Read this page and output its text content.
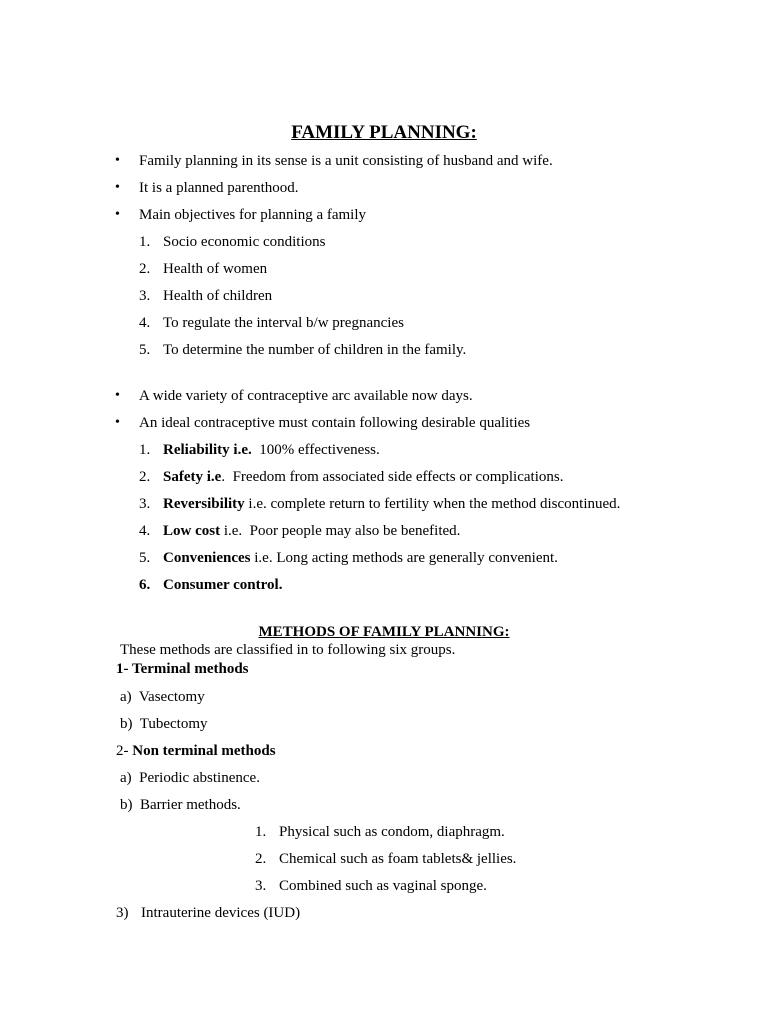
FAMILY PLANNING:
• Family planning in its sense is a unit consisting of husband and wife.
• It is a planned parenthood.
• Main objectives for planning a family
1. Socio economic conditions
2. Health of women
3. Health of children
4. To regulate the interval b/w pregnancies
5. To determine the number of children in the family.
• A wide variety of contraceptive arc available now days.
• An ideal contraceptive must contain following desirable qualities
1. Reliability i.e.  100% effectiveness.
2. Safety i.e.  Freedom from associated side effects or complications.
3. Reversibility i.e. complete return to fertility when the method discontinued.
4. Low cost i.e.  Poor people may also be benefited.
5. Conveniences i.e. Long acting methods are generally convenient.
6. Consumer control.
METHODS OF FAMILY PLANNING:
These methods are classified in to following six groups.
1- Terminal methods
a) Vasectomy
b) Tubectomy
2- Non terminal methods
a) Periodic abstinence.
b) Barrier methods.
1. Physical such as condom, diaphragm.
2. Chemical such as foam tablets& jellies.
3. Combined such as vaginal sponge.
3) Intrauterine devices (IUD)
